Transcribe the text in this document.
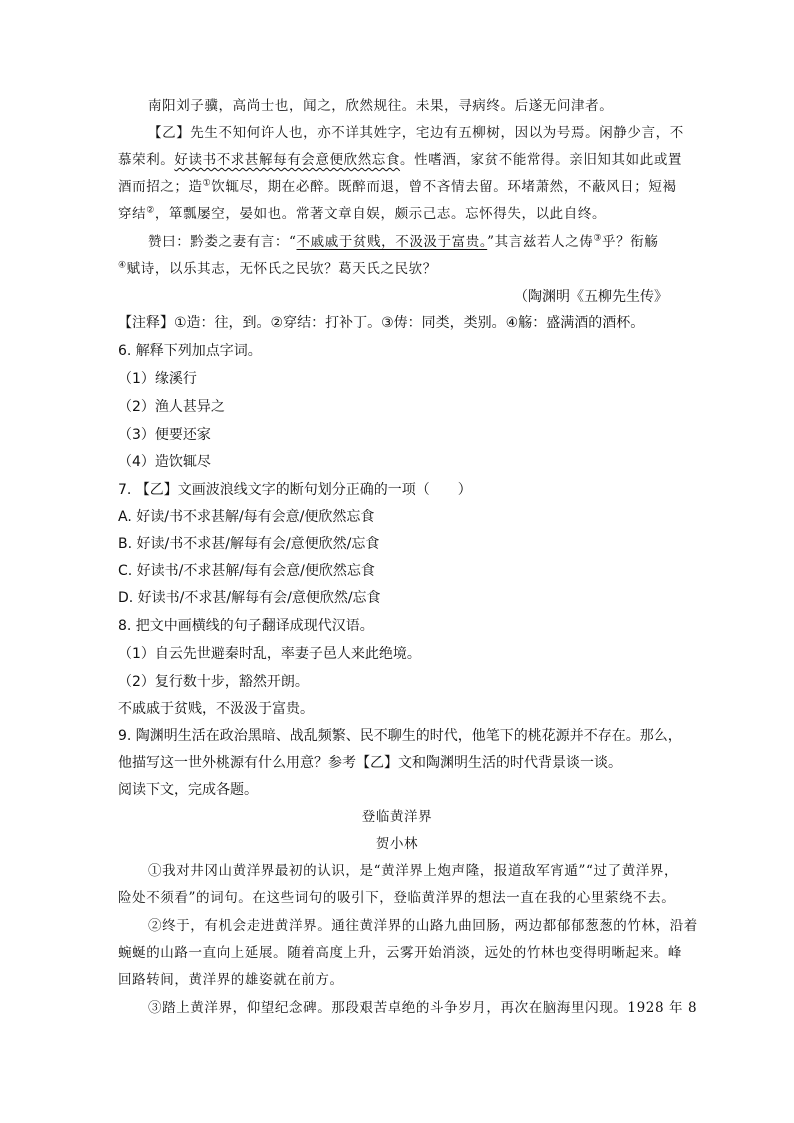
南阳刘子骥，高尚士也，闻之，欣然规往。未果，寻病终。后遂无问津者。
【乙】先生不知何许人也，亦不详其姓字，宅边有五柳树，因以为号焉。闲静少言，不
慕荣利。好读书不求甚解每有会意便欣然忘食。性嗜酒，家贫不能常得。亲旧知其如此或置
酒而招之；造①饮辄尽，期在必醉。既醉而退，曾不吝情去留。环堵萧然，不蔽风日；短褐
穿结②，箪瓢屡空，晏如也。常著文章自娱，颇示己志。忘怀得失，以此自终。
赞曰：黔娄之妻有言：“不戚戚于贫贱，不汲汲于富贵。”其言兹若人之俦③乎？衔觞
④赋诗，以乐其志，无怀氏之民欤？葛天氏之民欤？
（陶渊明《五柳先生传》
【注释】①造：往，到。②穿结：打补丁。③俦：同类，类别。④觞：盛满酒的酒杯。
6. 解释下列加点字词。
（1）缘溪行
（2）渔人甚异之
（3）便要还家
（4）造饮辄尽
7. 【乙】文画波浪线文字的断句划分正确的一项（　　）
A. 好读/书不求甚解/每有会意/便欣然忘食
B. 好读/书不求甚/解每有会/意便欣然/忘食
C. 好读书/不求甚解/每有会意/便欣然忘食
D. 好读书/不求甚/解每有会/意便欣然/忘食
8. 把文中画横线的句子翻译成现代汉语。
（1）自云先世避秦时乱，率妻子邑人来此绝境。
（2）复行数十步，豁然开朗。
不戚戚于贫贱，不汲汲于富贵。
9. 陶渊明生活在政治黑暗、战乱频繁、民不聊生的时代，他笔下的桃花源并不存在。那么，
他描写这一世外桃源有什么用意？参考【乙】文和陶渊明生活的时代背景谈一谈。
阅读下文，完成各题。
登临黄洋界
贺小林
①我对井冈山黄洋界最初的认识，是“黄洋界上炮声隆，报道敌军宵遁”“过了黄洋界，
险处不须看”的词句。在这些词句的吸引下，登临黄洋界的想法一直在我的心里萦绕不去。
②终于，有机会走进黄洋界。通往黄洋界的山路九曲回肠，两边都郁郁葱葱的竹林，沿着
蜿蜒的山路一直向上延展。随着高度上升，云雾开始消淡，远处的竹林也变得明晰起来。峰
回路转间，黄洋界的雄姿就在前方。
③踏上黄洋界，仰望纪念碑。那段艰苦卓绝的斗争岁月，再次在脑海里闪现。1928 年 8
